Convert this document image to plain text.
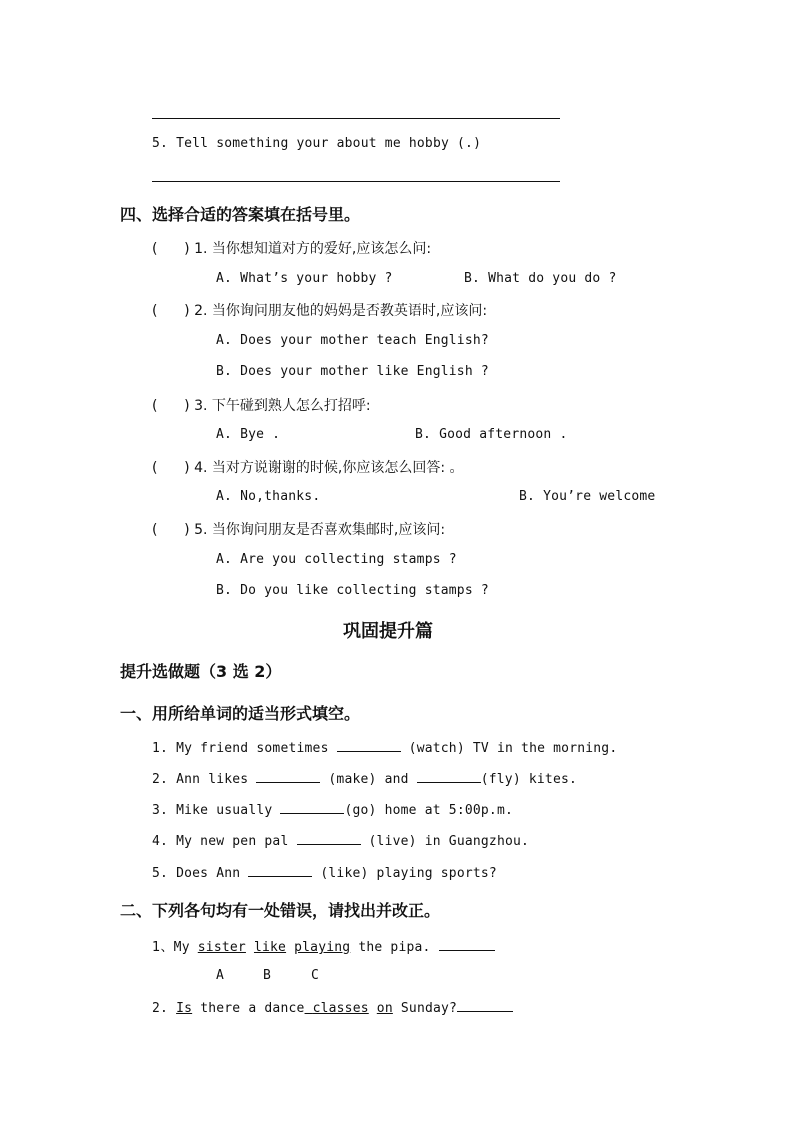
5. Tell something your about me hobby (.)
四、选择合适的答案填在括号里。
(      ) 1. 当你想知道对方的爱好,应该怎么问:
A. What’s your hobby ?	B. What do you do ?
(      ) 2. 当你询问朋友他的妈妈是否教英语时,应该问:
A. Does your mother teach English?
B. Does your mother like English ?
(      ) 3. 下午碰到熟人怎么打招呼:
A. Bye .	B. Good afternoon .
(      ) 4. 当对方说谢谢的时候,你应该怎么回答: 。
A. No,thanks.	B. You’re welcome
(      ) 5. 当你询问朋友是否喜欢集邮时,应该问:
A. Are you collecting stamps ?
B. Do you like collecting stamps ?
巩固提升篇
提升选做题（3 选 2）
一、用所给单词的适当形式填空。
1. My friend sometimes	(watch) TV in the morning.
2. Ann likes	(make) and	(fly) kites.
3. Mike usually	(go) home at 5:00p.m.
4. My new pen pal	(live) in Guangzhou.
5. Does Ann	(like) playing sports?
二、下列各句均有一处错误，请找出并改正。
1、My sister like playing the pipa.
A	B	C
2. Is there a dance classes on Sunday?
